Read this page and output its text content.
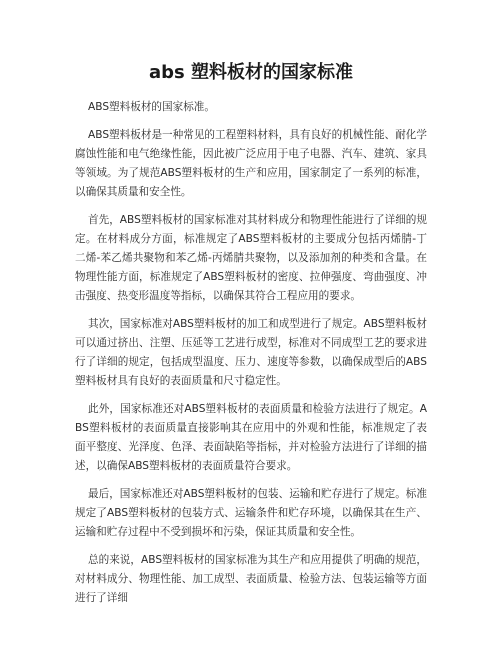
abs 塑料板材的国家标准

ABS塑料板材的国家标准。

ABS塑料板材是一种常见的工程塑料材料，具有良好的机械性能、耐化学腐蚀性能和电气绝缘性能，因此被广泛应用于电子电器、汽车、建筑、家具等领域。为了规范ABS塑料板材的生产和应用，国家制定了一系列的标准，以确保其质量和安全性。

首先，ABS塑料板材的国家标准对其材料成分和物理性能进行了详细的规定。在材料成分方面，标准规定了ABS塑料板材的主要成分包括丙烯腈-丁二烯-苯乙烯共聚物和苯乙烯-丙烯腈共聚物，以及添加剂的种类和含量。在物理性能方面，标准规定了ABS塑料板材的密度、拉伸强度、弯曲强度、冲击强度、热变形温度等指标，以确保其符合工程应用的要求。

其次，国家标准对ABS塑料板材的加工和成型进行了规定。ABS塑料板材可以通过挤出、注塑、压延等工艺进行成型，标准对不同成型工艺的要求进行了详细的规定，包括成型温度、压力、速度等参数，以确保成型后的ABS塑料板材具有良好的表面质量和尺寸稳定性。

此外，国家标准还对ABS塑料板材的表面质量和检验方法进行了规定。ABS塑料板材的表面质量直接影响其在应用中的外观和性能，标准规定了表面平整度、光泽度、色泽、表面缺陷等指标，并对检验方法进行了详细的描述，以确保ABS塑料板材的表面质量符合要求。

最后，国家标准还对ABS塑料板材的包装、运输和贮存进行了规定。标准规定了ABS塑料板材的包装方式、运输条件和贮存环境，以确保其在生产、运输和贮存过程中不受到损坏和污染，保证其质量和安全性。

总的来说，ABS塑料板材的国家标准为其生产和应用提供了明确的规范，对材料成分、物理性能、加工成型、表面质量、检验方法、包装运输等方面进行了详细
